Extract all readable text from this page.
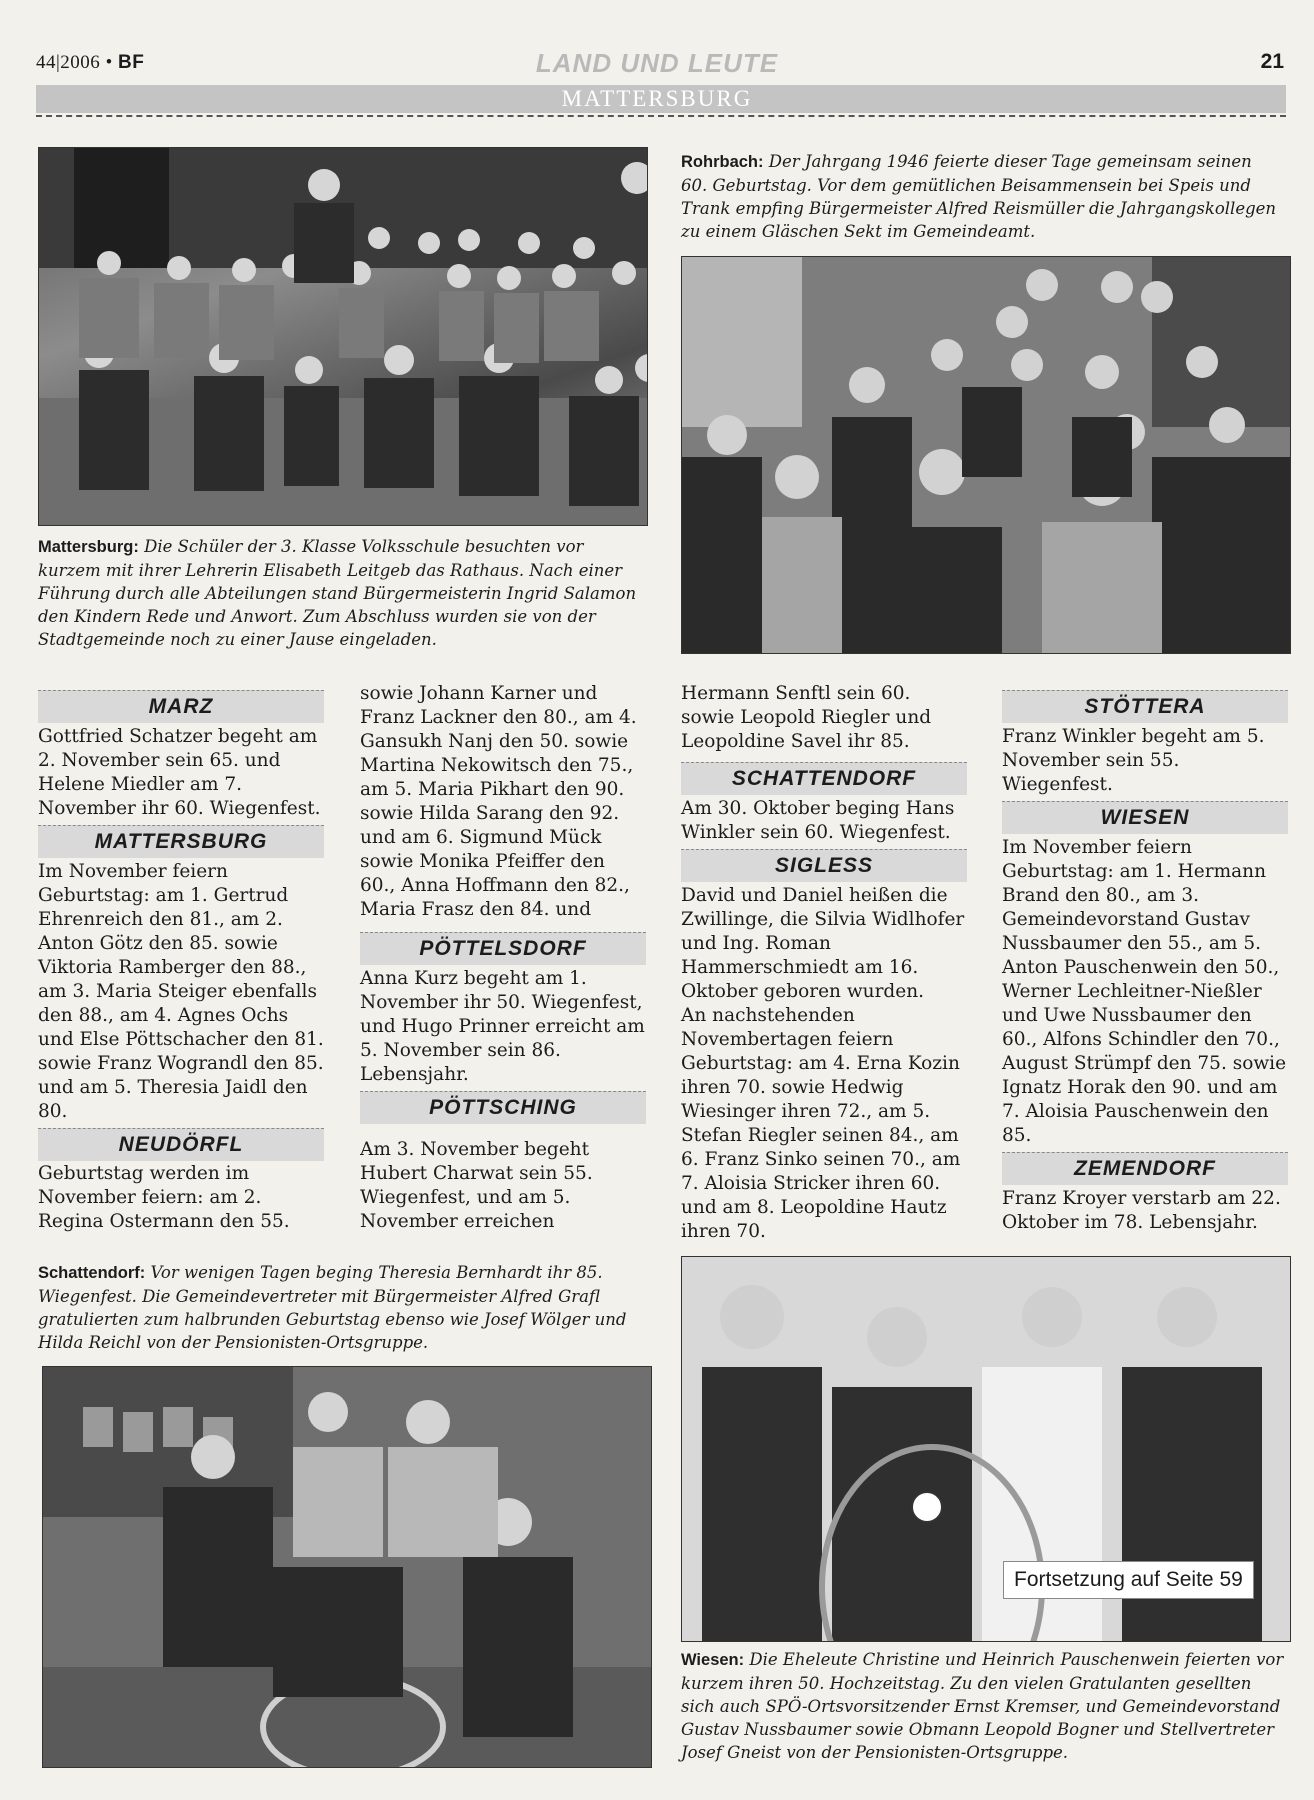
44|2006 • BF	LAND UND LEUTE	21
MATTERSBURG
Mattersburg: Die Schüler der 3. Klasse Volksschule besuchten vor kurzem mit ihrer Lehrerin Elisabeth Leitgeb das Rathaus. Nach einer Führung durch alle Abteilungen stand Bürgermeisterin Ingrid Salamon den Kindern Rede und Anwort. Zum Abschluss wurden sie von der Stadtgemeinde noch zu einer Jause eingeladen.
Rohrbach: Der Jahrgang 1946 feierte dieser Tage gemeinsam seinen 60. Geburtstag. Vor dem gemütlichen Beisammensein bei Speis und Trank empfing Bürgermeister Alfred Reismüller die Jahrgangskollegen zu einem Gläschen Sekt im Gemeindeamt.
MARZ

Gottfried Schatzer begeht am 2. November sein 65. und Helene Miedler am 7. November ihr 60. Wiegenfest.

MATTERSBURG

Im November feiern Geburtstag: am 1. Gertrud Ehrenreich den 81., am 2. Anton Götz den 85. sowie Viktoria Ramberger den 88., am 3. Maria Steiger ebenfalls den 88., am 4. Agnes Ochs und Else Pöttschacher den 81. sowie Franz Wograndl den 85. und am 5. Theresia Jaidl den 80.

NEUDÖRFL

Geburtstag werden im November feiern: am 2. Regina Ostermann den 55.

sowie Johann Karner und Franz Lackner den 80., am 4. Gansukh Nanj den 50. sowie Martina Nekowitsch den 75., am 5. Maria Pikhart den 90. sowie Hilda Sarang den 92. und am 6. Sigmund Mück sowie Monika Pfeiffer den 60., Anna Hoffmann den 82., Maria Frasz den 84. und

PÖTTELSDORF

Anna Kurz begeht am 1. November ihr 50. Wiegenfest, und Hugo Prinner erreicht am 5. November sein 86. Lebensjahr.

PÖTTSCHING

Am 3. November begeht Hubert Charwat sein 55. Wiegenfest, und am 5. November erreichen

Hermann Senftl sein 60. sowie Leopold Riegler und Leopoldine Savel ihr 85.

SCHATTENDORF

Am 30. Oktober beging Hans Winkler sein 60. Wiegenfest.

SIGLESS

David und Daniel heißen die Zwillinge, die Silvia Widlhofer und Ing. Roman Hammerschmiedt am 16. Oktober geboren wurden.

An nachstehenden Novembertagen feiern Geburtstag: am 4. Erna Kozin ihren 70. sowie Hedwig Wiesinger ihren 72., am 5. Stefan Riegler seinen 84., am 6. Franz Sinko seinen 70., am 7. Aloisia Stricker ihren 60. und am 8. Leopoldine Hautz ihren 70.

STÖTTERA

Franz Winkler begeht am 5. November sein 55. Wiegenfest.

WIESEN

Im November feiern Geburtstag: am 1. Hermann Brand den 80., am 3. Gemeindevorstand Gustav Nussbaumer den 55., am 5. Anton Pauschenwein den 50., Werner Lechleitner-Nießler und Uwe Nussbaumer den 60., Alfons Schindler den 70., August Strümpf den 75. sowie Ignatz Horak den 90. und am 7. Aloisia Pauschenwein den 85.

ZEMENDORF

Franz Kroyer verstarb am 22. Oktober im 78. Lebensjahr.

Schattendorf: Vor wenigen Tagen beging Theresia Bernhardt ihr 85. Wiegenfest. Die Gemeindevertreter mit Bürgermeister Alfred Grafl gratulierten zum halbrunden Geburtstag ebenso wie Josef Wölger und Hilda Reichl von der Pensionisten-Ortsgruppe.
Fortsetzung auf Seite 59
Wiesen: Die Eheleute Christine und Heinrich Pauschenwein feierten vor kurzem ihren 50. Hochzeitstag. Zu den vielen Gratulanten gesellten sich auch SPÖ-Ortsvorsitzender Ernst Kremser, und Gemeindevorstand Gustav Nussbaumer sowie Obmann Leopold Bogner und Stellvertreter Josef Gneist von der Pensionisten-Ortsgruppe.
